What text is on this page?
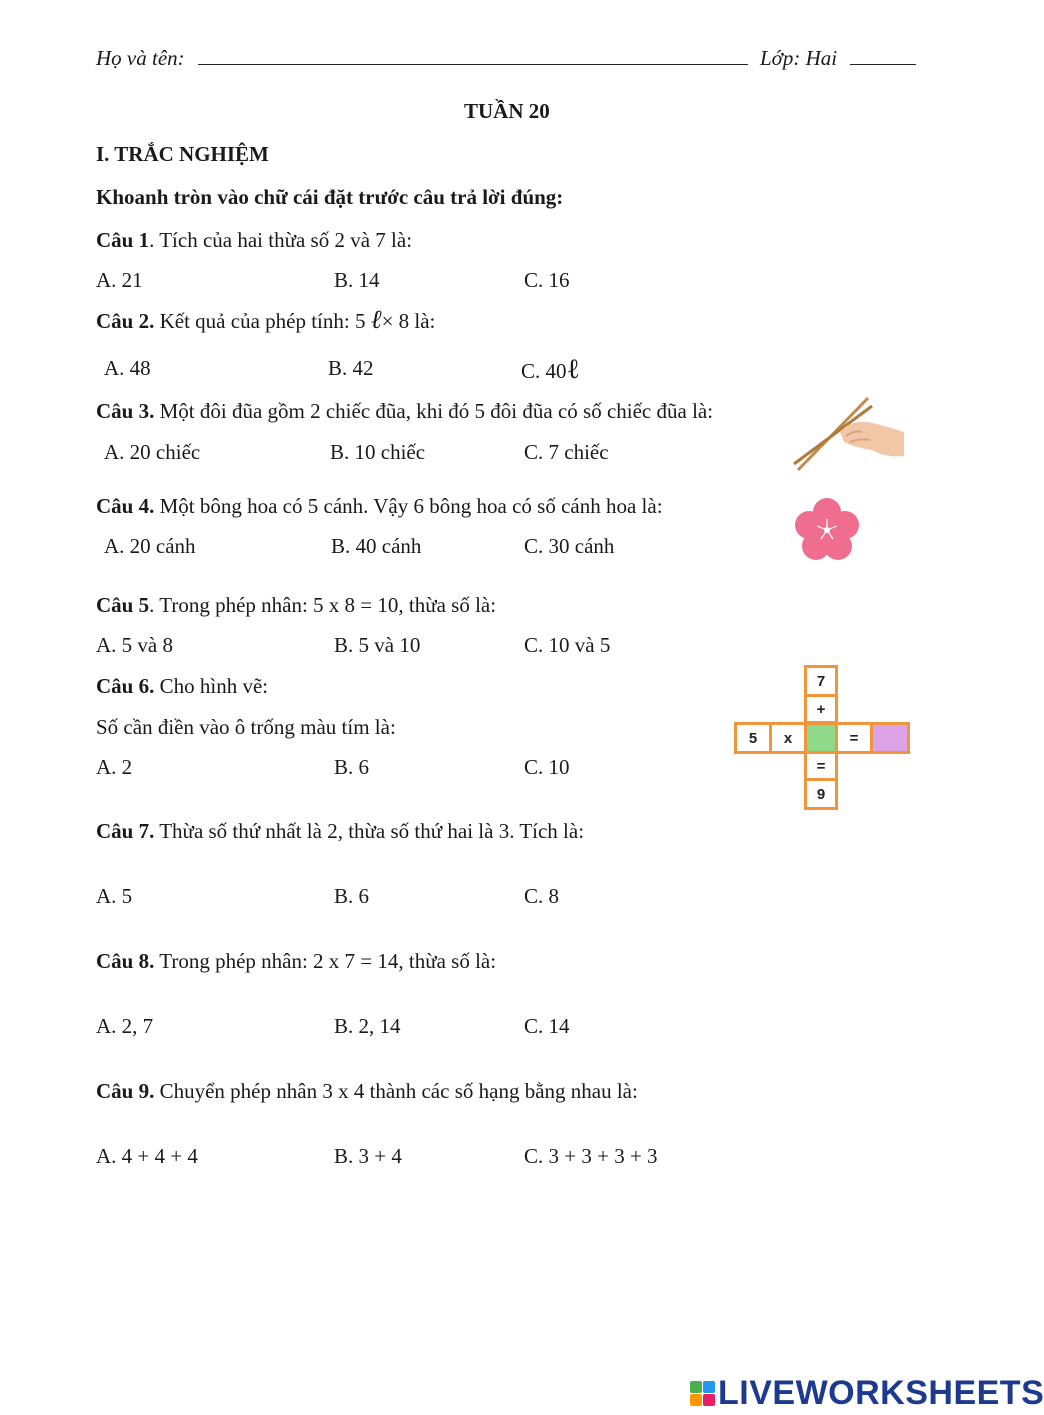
Họ và tên:	Lớp: Hai
TUẦN 20
I. TRẮC NGHIỆM
Khoanh tròn vào chữ cái đặt trước câu trả lời đúng:
Câu 1. Tích của hai thừa số 2 và 7 là:
A. 21	B. 14	C. 16
Câu 2. Kết quả của phép tính: 5 ℓ× 8 là:
A. 48	B. 42	C. 40ℓ
Câu 3. Một đôi đũa gồm 2 chiếc đũa, khi đó 5 đôi đũa có số chiếc đũa là:
A. 20 chiếc	B. 10 chiếc	C. 7 chiếc
Câu 4. Một bông hoa có 5 cánh. Vậy 6 bông hoa có số cánh hoa là:
A. 20 cánh	B. 40 cánh	C. 30 cánh
Câu 5. Trong phép nhân: 5 x 8 = 10, thừa số là:
A. 5 và 8	B. 5 và 10	C. 10 và 5
Câu 6. Cho hình vẽ:
Số cần điền vào ô trống màu tím là:
A. 2	B. 6	C. 10
7
+
5	x	=
=
9
Câu 7. Thừa số thứ nhất là 2, thừa số thứ hai là 3. Tích là:
A. 5	B. 6	C. 8
Câu 8. Trong phép nhân: 2 x 7 = 14, thừa số là:
A. 2, 7	B. 2, 14	C. 14
Câu 9. Chuyển phép nhân 3 x 4 thành các số hạng bằng nhau là:
A. 4 + 4 + 4	B. 3 + 4	C. 3 + 3 + 3 + 3
LIVEWORKSHEETS
